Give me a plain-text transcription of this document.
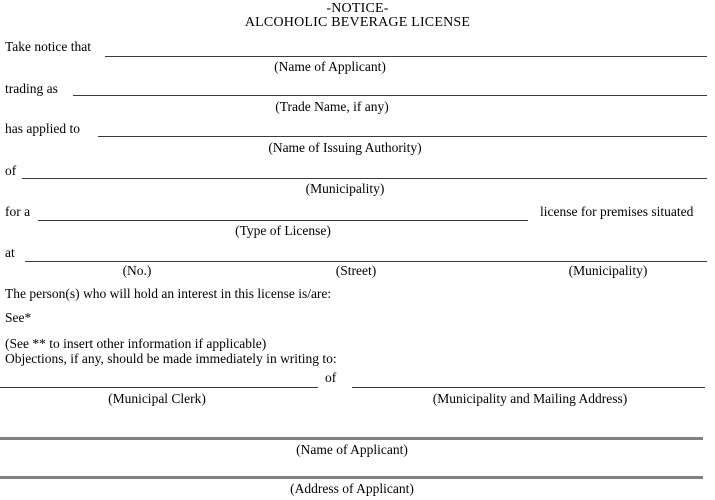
-NOTICE-
ALCOHOLIC BEVERAGE LICENSE
Take notice that
(Name of Applicant)
trading as
(Trade Name, if any)
has applied to
(Name of Issuing Authority)
of
(Municipality)
for a	license for premises situated
(Type of License)
at
(No.)	(Street)	(Municipality)
The person(s) who will hold an interest in this license is/are:
See*
(See ** to insert other information if applicable)
Objections, if any, should be made immediately in writing to:
of
(Municipal Clerk)	(Municipality and Mailing Address)
(Name of Applicant)
(Address of Applicant)
